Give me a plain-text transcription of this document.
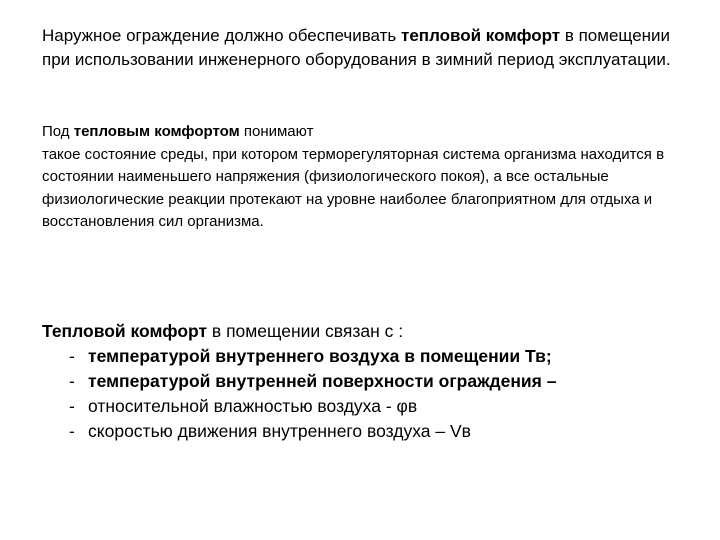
Наружное ограждение должно обеспечивать тепловой комфорт в помещении при использовании инженерного оборудования в зимний период эксплуатации.
Под тепловым комфортом понимают
такое состояние среды, при котором терморегуляторная система организма находится в состоянии наименьшего напряжения (физиологического покоя), а все остальные физиологические реакции протекают на уровне наиболее благоприятном для отдыха и восстановления сил организма.
Тепловой комфорт в помещении связан с :
- температурой внутреннего воздуха в помещении Тв;
- температурой внутренней поверхности ограждения –
- относительной влажностью воздуха - φв
- скоростью движения внутреннего воздуха – Vв
